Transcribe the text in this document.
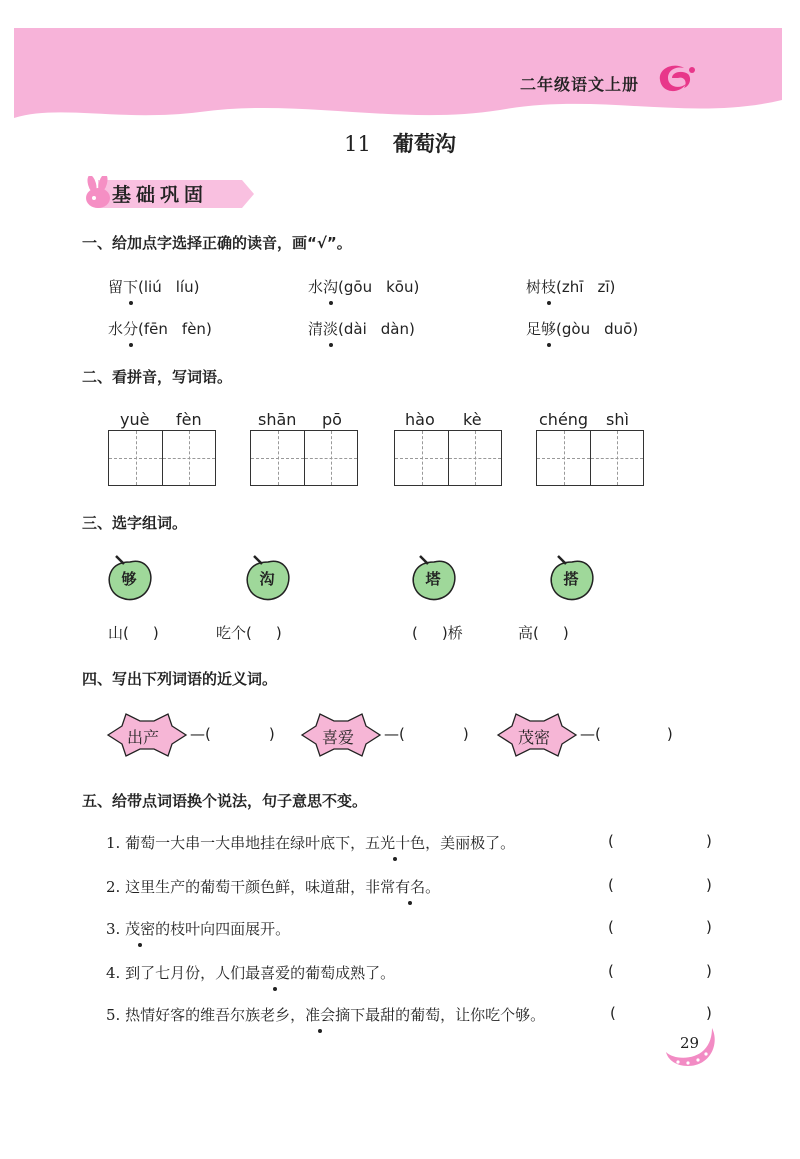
二年级语文上册
11 葡萄沟
基础巩固
一、给加点字选择正确的读音，画“√”。
留下(liú líu)	水沟(gōu kōu)	树枝(zhī zī)
水分(fēn fèn)	清淡(dài dàn)	足够(gòu duō)
二、看拼音，写词语。
yuè fèn	shān pō	hào kè	chéng shì
三、选字组词。
够	沟	塔	搭
山( )	吃个( )	( )桥	高( )
四、写出下列词语的近义词。
出产 —(	)	喜爱 —(	)	茂密 —(	)
五、给带点词语换个说法，句子意思不变。
1. 葡萄一大串一大串地挂在绿叶底下，五光十色，美丽极了。
2. 这里生产的葡萄干颜色鲜，味道甜，非常有名。
3. 茂密的枝叶向四面展开。
4. 到了七月份，人们最喜爱的葡萄成熟了。
5. 热情好客的维吾尔族老乡，准会摘下最甜的葡萄，让你吃个够。
(	)
(	)
(	)
(	)
(	)
29
